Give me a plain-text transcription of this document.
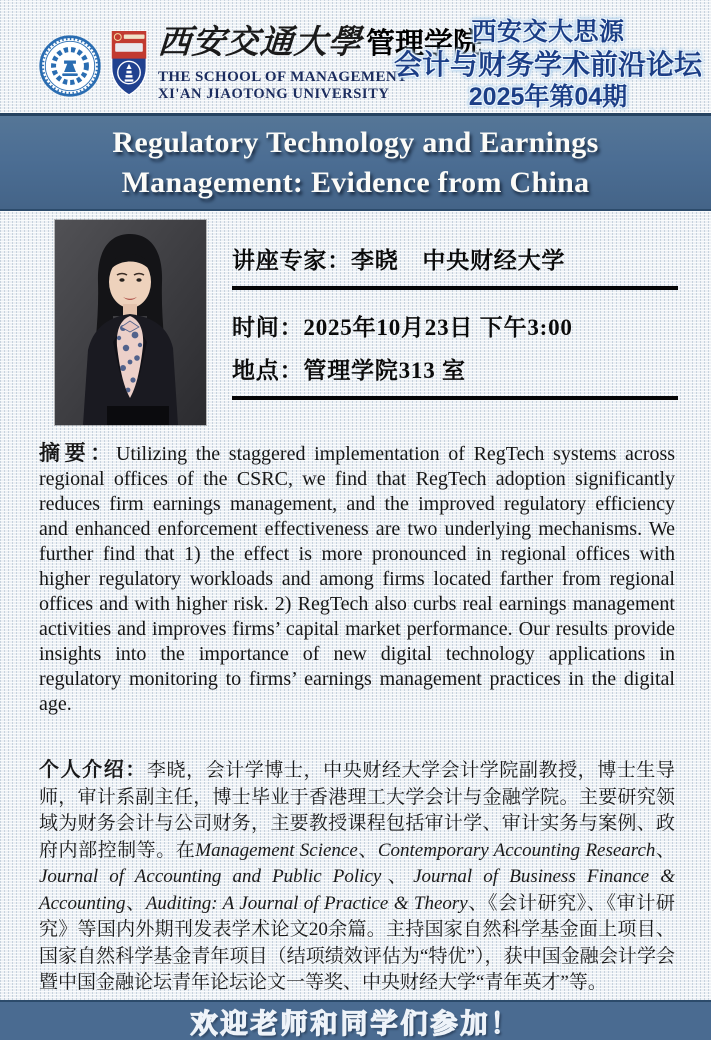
西安交通大學管理学院
THE SCHOOL OF MANAGEMENT
XI'AN JIAOTONG UNIVERSITY
西安交大思源
会计与财务学术前沿论坛
2025年第04期
Regulatory Technology and Earnings
Management: Evidence from China
讲座专家：李晓　中央财经大学
时间：2025年10月23日 下午3:00
地点：管理学院313 室

摘要：Utilizing the staggered implementation of RegTech systems across regional offices of the CSRC, we find that RegTech adoption significantly reduces firm earnings management, and the improved regulatory efficiency and enhanced enforcement effectiveness are two underlying mechanisms. We further find that 1) the effect is more pronounced in regional offices with higher regulatory workloads and among firms located farther from regional offices and with higher risk. 2) RegTech also curbs real earnings management activities and improves firms’ capital market performance. Our results provide insights into the importance of new digital technology applications in regulatory monitoring to firms’ earnings management practices in the digital age.

个人介绍：李晓，会计学博士，中央财经大学会计学院副教授，博士生导师，审计系副主任，博士毕业于香港理工大学会计与金融学院。主要研究领域为财务会计与公司财务，主要教授课程包括审计学、审计实务与案例、政府内部控制等。在Management Science、Contemporary Accounting Research、Journal of Accounting and Public Policy、Journal of Business Finance & Accounting、Auditing: A Journal of Practice & Theory、《会计研究》、《审计研究》等国内外期刊发表学术论文20余篇。主持国家自然科学基金面上项目、国家自然科学基金青年项目（结项绩效评估为“特优”），获中国金融会计学会暨中国金融论坛青年论坛论文一等奖、中央财经大学“青年英才”等。

欢迎老师和同学们参加！
